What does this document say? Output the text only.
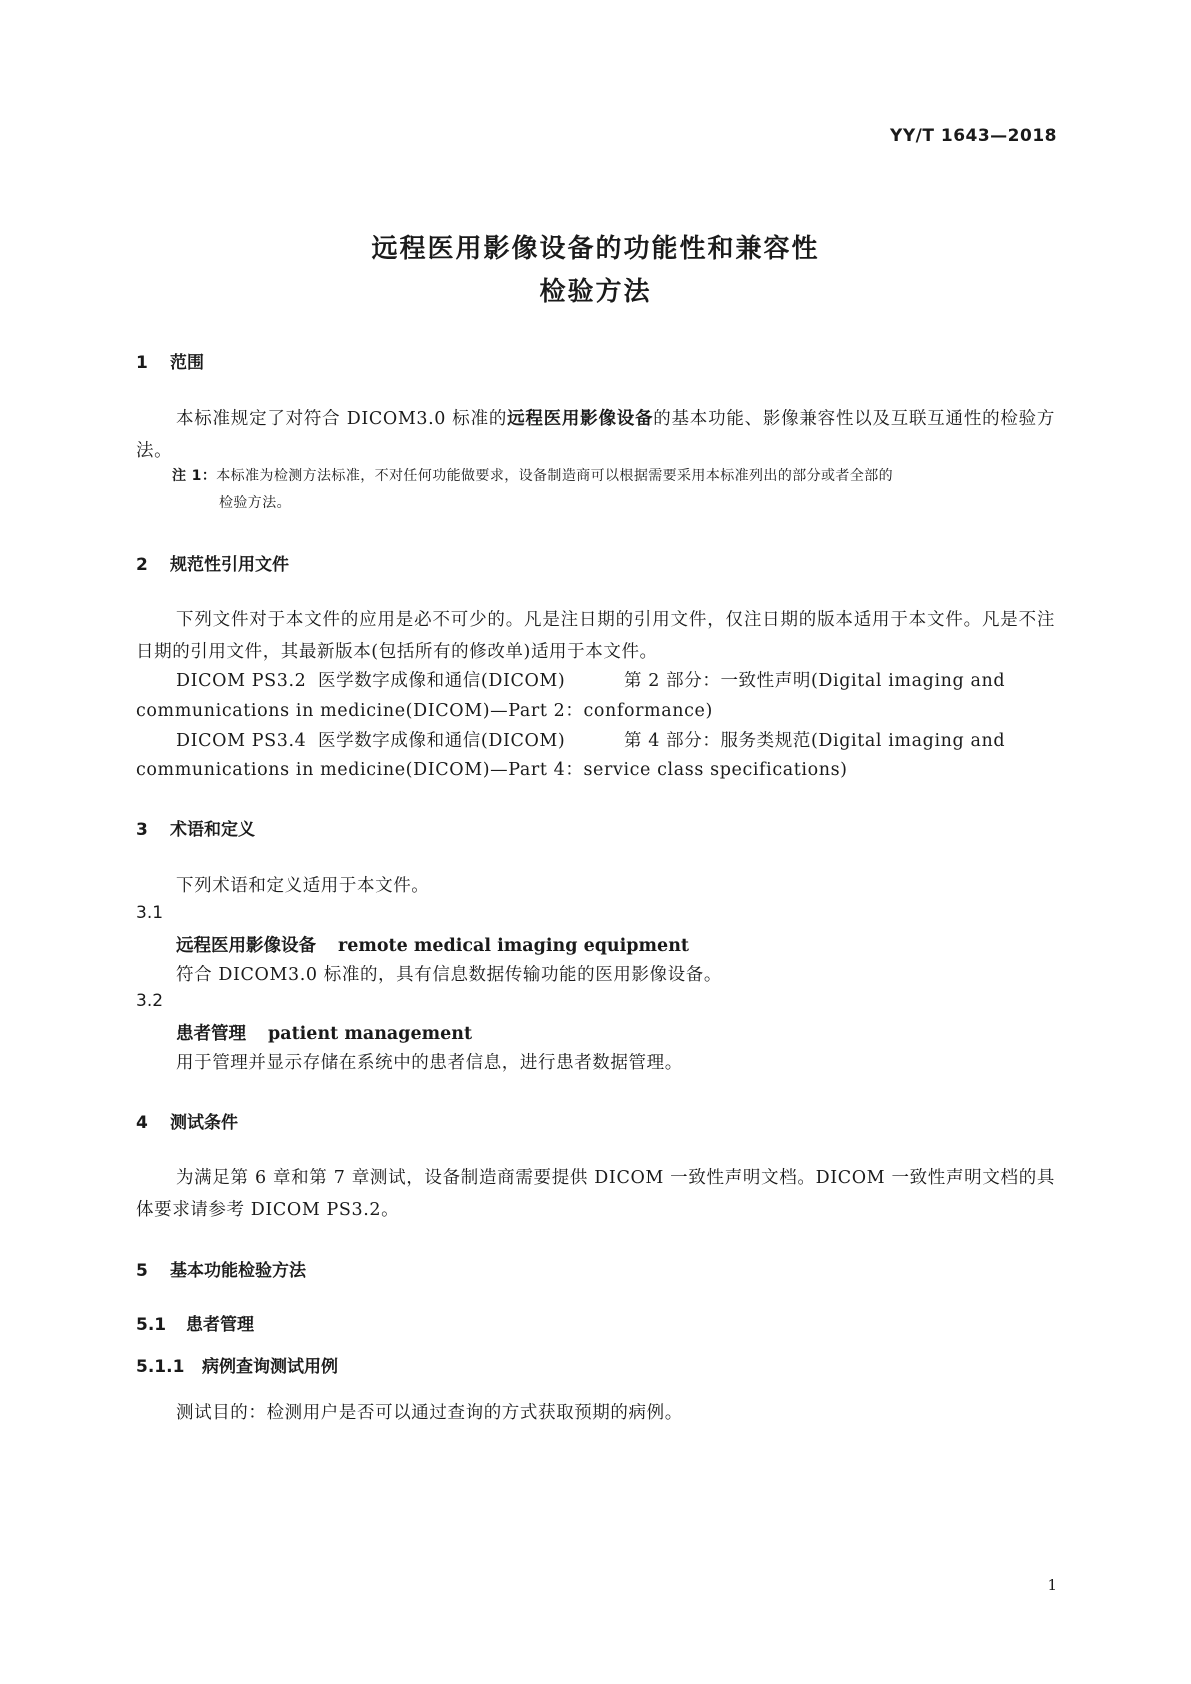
YY/T 1643—2018
远程医用影像设备的功能性和兼容性
检验方法
1 范围
本标准规定了对符合 DICOM3.0 标准的远程医用影像设备的基本功能、影像兼容性以及互联互通性的检验方法。
注 1：本标准为检测方法标准，不对任何功能做要求，设备制造商可以根据需要采用本标准列出的部分或者全部的
检验方法。
2 规范性引用文件
下列文件对于本文件的应用是必不可少的。凡是注日期的引用文件，仅注日期的版本适用于本文件。凡是不注日期的引用文件，其最新版本(包括所有的修改单)适用于本文件。
DICOM PS3.2 医学数字成像和通信(DICOM)	第 2 部分：一致性声明(Digital imaging and
communications in medicine(DICOM)—Part 2：conformance)
DICOM PS3.4 医学数字成像和通信(DICOM)	第 4 部分：服务类规范(Digital imaging and
communications in medicine(DICOM)—Part 4：service class specifications)
3 术语和定义
下列术语和定义适用于本文件。
3.1
远程医用影像设备 remote medical imaging equipment
符合 DICOM3.0 标准的，具有信息数据传输功能的医用影像设备。
3.2
患者管理 patient management
用于管理并显示存储在系统中的患者信息，进行患者数据管理。
4 测试条件
为满足第 6 章和第 7 章测试，设备制造商需要提供 DICOM 一致性声明文档。DICOM 一致性声明文档的具体要求请参考 DICOM PS3.2。
5 基本功能检验方法
5.1 患者管理
5.1.1 病例查询测试用例
测试目的：检测用户是否可以通过查询的方式获取预期的病例。
1
